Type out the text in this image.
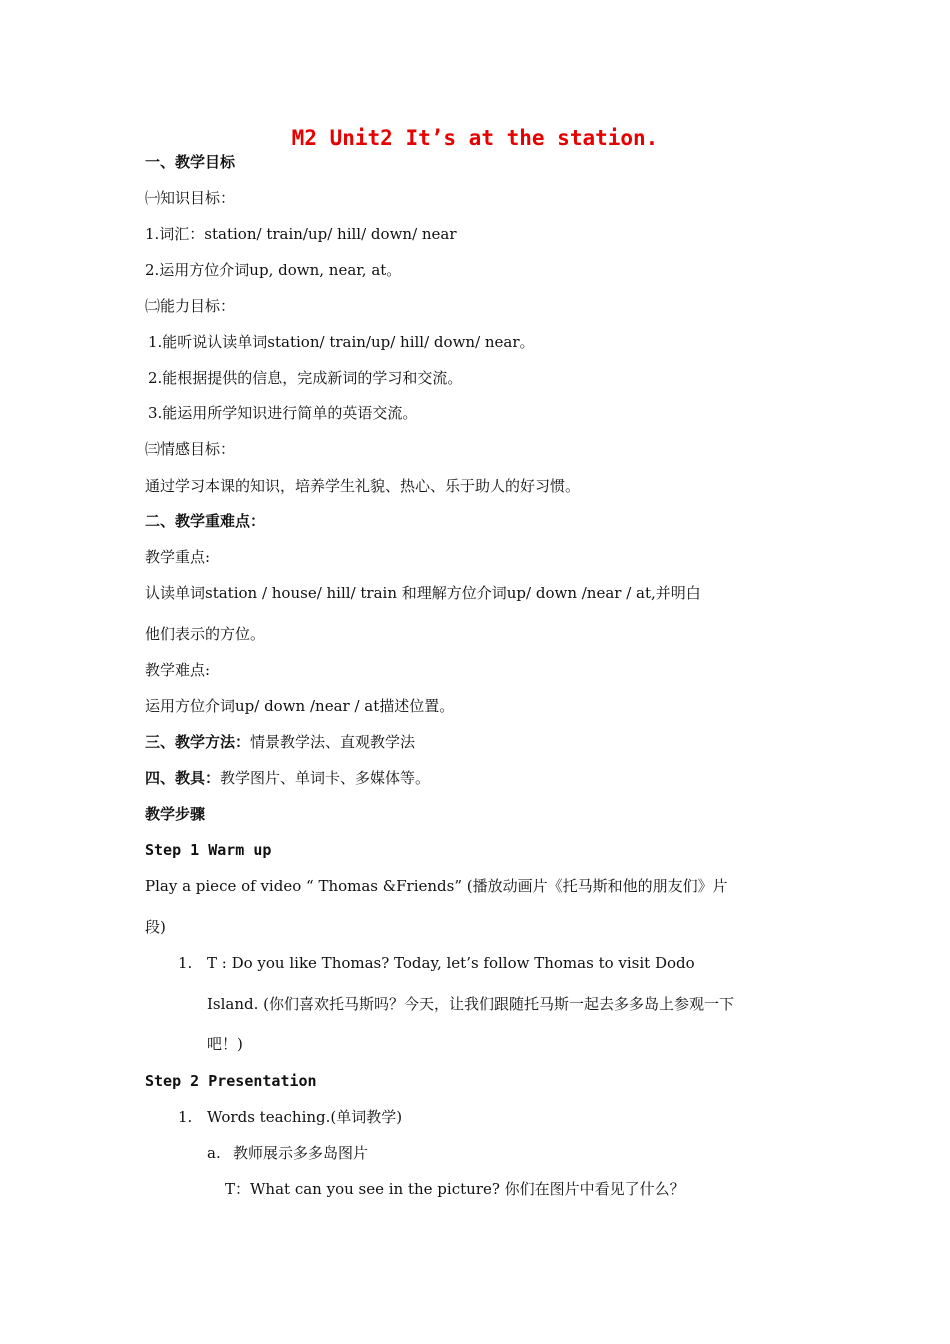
M2 Unit2 It’s at the station.
一、教学目标
㈠知识目标：
1.词汇：station/ train/up/ hill/ down/ near
2.运用方位介词up, down, near, at。
㈡能力目标：
1.能听说认读单词station/ train/up/ hill/ down/ near。
2.能根据提供的信息，完成新词的学习和交流。
3.能运用所学知识进行简单的英语交流。
㈢情感目标：
通过学习本课的知识，培养学生礼貌、热心、乐于助人的好习惯。
二、教学重难点：
教学重点:
认读单词station / house/ hill/ train 和理解方位介词up/ down /near / at,并明白
他们表示的方位。
教学难点:
运用方位介词up/ down /near / at描述位置。
三、教学方法：情景教学法、直观教学法
四、教具：教学图片、单词卡、多媒体等。
教学步骤
Step 1 Warm up
Play a piece of video “ Thomas &Friends” (播放动画片《托马斯和他的朋友们》片
段)
1. T : Do you like Thomas? Today, let’s follow Thomas to visit Dodo
Island. (你们喜欢托马斯吗？今天，让我们跟随托马斯一起去多多岛上参观一下
吧！)
Step 2 Presentation
1. Words teaching.(单词教学)
a. 教师展示多多岛图片
T：What can you see in the picture? 你们在图片中看见了什么？
